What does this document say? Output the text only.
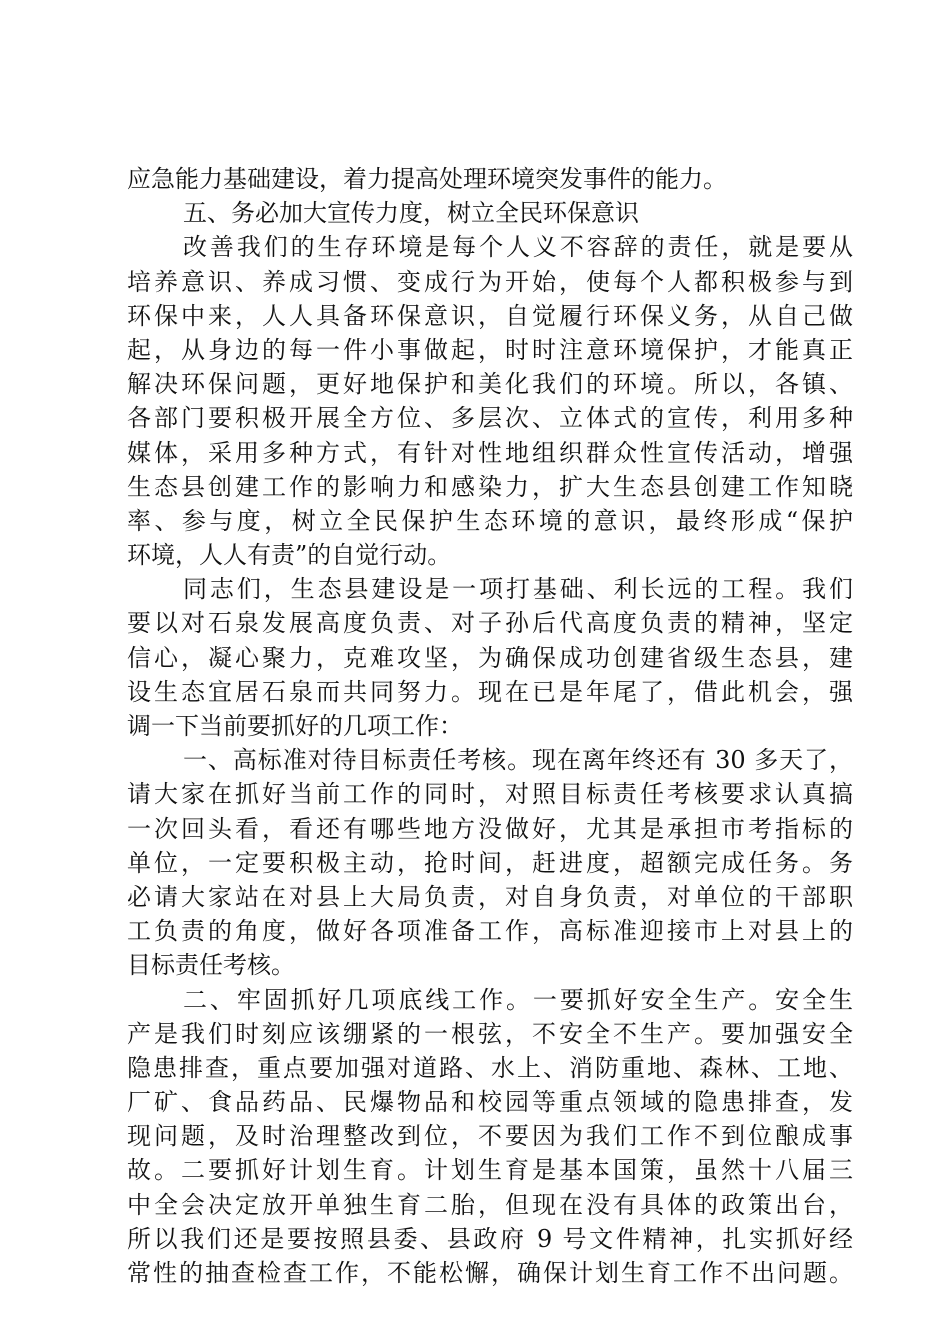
应急能力基础建设，着力提高处理环境突发事件的能力。
五、务必加大宣传力度，树立全民环保意识
改善我们的生存环境是每个人义不容辞的责任，就是要从
培养意识、养成习惯、变成行为开始，使每个人都积极参与到
环保中来，人人具备环保意识，自觉履行环保义务，从自己做
起，从身边的每一件小事做起，时时注意环境保护，才能真正
解决环保问题，更好地保护和美化我们的环境。所以，各镇、
各部门要积极开展全方位、多层次、立体式的宣传，利用多种
媒体，采用多种方式，有针对性地组织群众性宣传活动，增强
生态县创建工作的影响力和感染力，扩大生态县创建工作知晓
率、参与度，树立全民保护生态环境的意识，最终形成“保护
环境，人人有责”的自觉行动。
同志们，生态县建设是一项打基础、利长远的工程。我们
要以对石泉发展高度负责、对子孙后代高度负责的精神，坚定
信心，凝心聚力，克难攻坚，为确保成功创建省级生态县，建
设生态宜居石泉而共同努力。现在已是年尾了，借此机会，强
调一下当前要抓好的几项工作：
一、高标准对待目标责任考核。现在离年终还有 30 多天了，
请大家在抓好当前工作的同时，对照目标责任考核要求认真搞
一次回头看，看还有哪些地方没做好，尤其是承担市考指标的
单位，一定要积极主动，抢时间，赶进度，超额完成任务。务
必请大家站在对县上大局负责，对自身负责，对单位的干部职
工负责的角度，做好各项准备工作，高标准迎接市上对县上的
目标责任考核。
二、牢固抓好几项底线工作。一要抓好安全生产。安全生
产是我们时刻应该绷紧的一根弦，不安全不生产。要加强安全
隐患排查，重点要加强对道路、水上、消防重地、森林、工地、
厂矿、食品药品、民爆物品和校园等重点领域的隐患排查，发
现问题，及时治理整改到位，不要因为我们工作不到位酿成事
故。二要抓好计划生育。计划生育是基本国策，虽然十八届三
中全会决定放开单独生育二胎，但现在没有具体的政策出台，
所以我们还是要按照县委、县政府 9 号文件精神，扎实抓好经
常性的抽查检查工作，不能松懈，确保计划生育工作不出问题。
